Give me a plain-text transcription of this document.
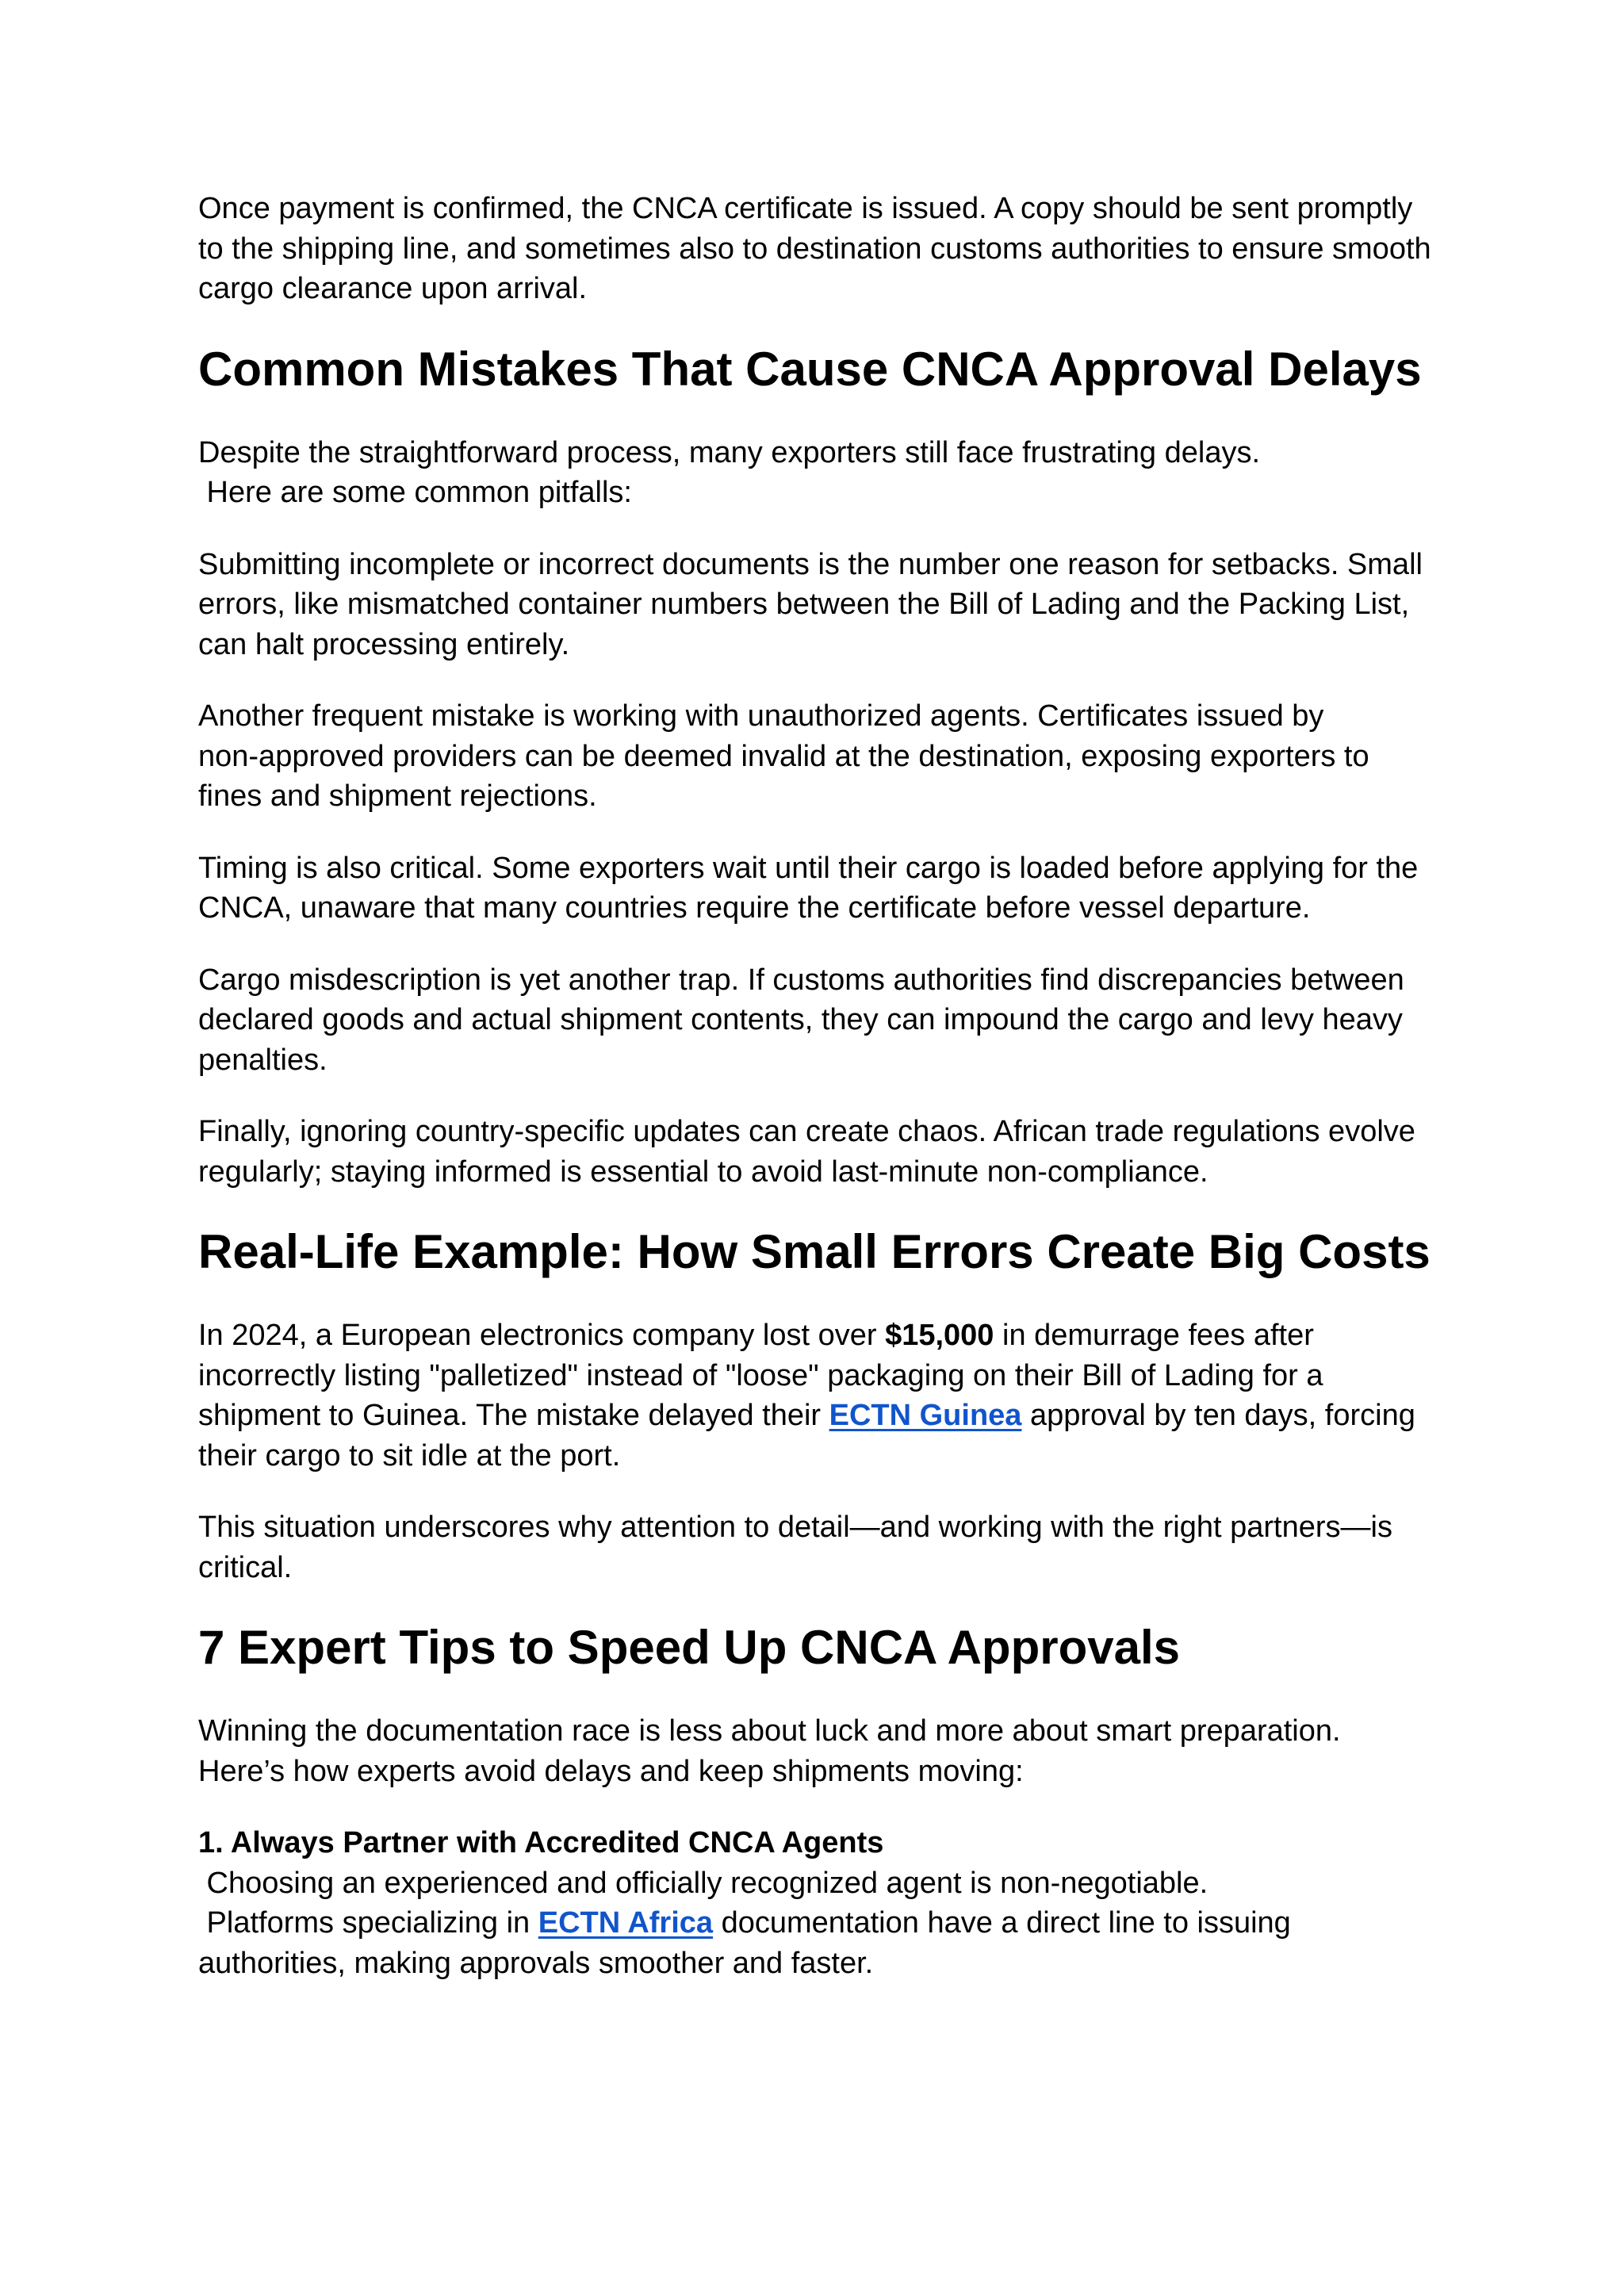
Once payment is confirmed, the CNCA certificate is issued. A copy should be sent promptly
to the shipping line, and sometimes also to destination customs authorities to ensure smooth
cargo clearance upon arrival.

Common Mistakes That Cause CNCA Approval Delays

Despite the straightforward process, many exporters still face frustrating delays.
Here are some common pitfalls:

Submitting incomplete or incorrect documents is the number one reason for setbacks. Small
errors, like mismatched container numbers between the Bill of Lading and the Packing List,
can halt processing entirely.

Another frequent mistake is working with unauthorized agents. Certificates issued by
non-approved providers can be deemed invalid at the destination, exposing exporters to
fines and shipment rejections.

Timing is also critical. Some exporters wait until their cargo is loaded before applying for the
CNCA, unaware that many countries require the certificate before vessel departure.

Cargo misdescription is yet another trap. If customs authorities find discrepancies between
declared goods and actual shipment contents, they can impound the cargo and levy heavy
penalties.

Finally, ignoring country-specific updates can create chaos. African trade regulations evolve
regularly; staying informed is essential to avoid last-minute non-compliance.

Real-Life Example: How Small Errors Create Big Costs

In 2024, a European electronics company lost over $15,000 in demurrage fees after
incorrectly listing "palletized" instead of "loose" packaging on their Bill of Lading for a
shipment to Guinea. The mistake delayed their ECTN Guinea approval by ten days, forcing
their cargo to sit idle at the port.

This situation underscores why attention to detail—and working with the right partners—is
critical.

7 Expert Tips to Speed Up CNCA Approvals

Winning the documentation race is less about luck and more about smart preparation.
Here’s how experts avoid delays and keep shipments moving:

1. Always Partner with Accredited CNCA Agents
Choosing an experienced and officially recognized agent is non-negotiable.
Platforms specializing in ECTN Africa documentation have a direct line to issuing
authorities, making approvals smoother and faster.
